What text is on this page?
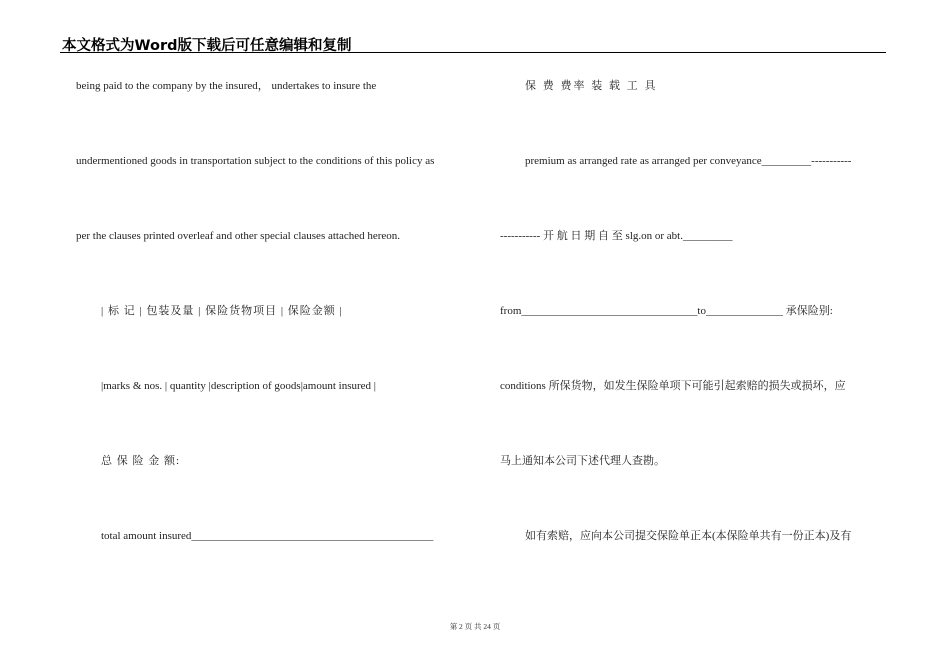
本文格式为Word版下载后可任意编辑和复制
being paid to the company by the insured， undertakes to insure the
undermentioned goods in transportation subject to the conditions of this policy as
per the clauses printed overleaf and other special clauses attached hereon.
| 标 记 | 包装及量 | 保险货物项目 | 保险金额 |
|marks & nos. | quantity |description of goods|amount insured |
总 保 险 金 额:
total amount insured____________________________________________
保 费 费率 装 载 工 具
premium as arranged rate as arranged per conveyance_________-----------
----------- 开 航 日 期 自 至 slg.on or abt._________
from________________________________to______________ 承保险别:
conditions 所保货物，如发生保险单项下可能引起索赔的损失或损坏，应
马上通知本公司下述代理人查勘。
如有索赔，应向本公司提交保险单正本(本保险单共有一份正本)及有
第 2 页 共 24 页
